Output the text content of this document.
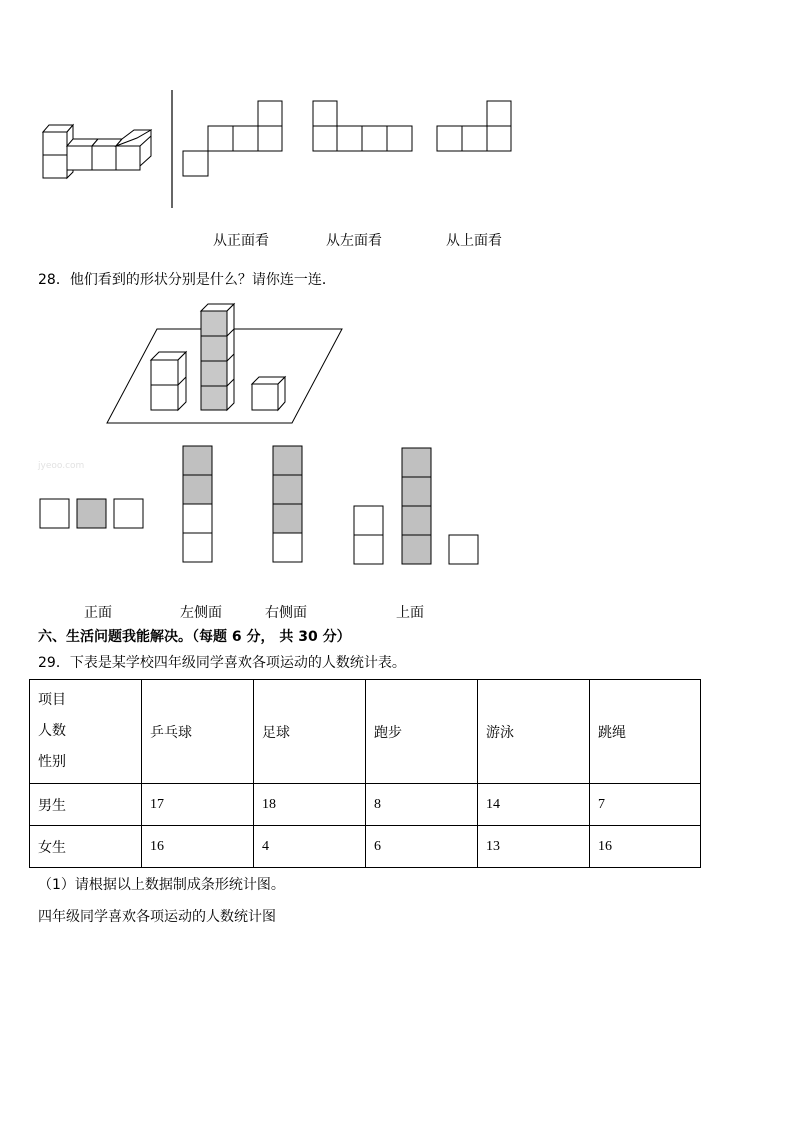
从正面看	从左面看	从上面看
28．他们看到的形状分别是什么？请你连一连．
jyeoo.com
正面	左侧面	右侧面	上面
六、生活问题我能解决。（每题 6 分， 共 30 分）
29．下表是某学校四年级同学喜欢各项运动的人数统计表。
项目
人数
性别	乒乓球	足球	跑步	游泳	跳绳
男生	17	18	8	14	7
女生	16	4	6	13	16
（1）请根据以上数据制成条形统计图。
四年级同学喜欢各项运动的人数统计图
